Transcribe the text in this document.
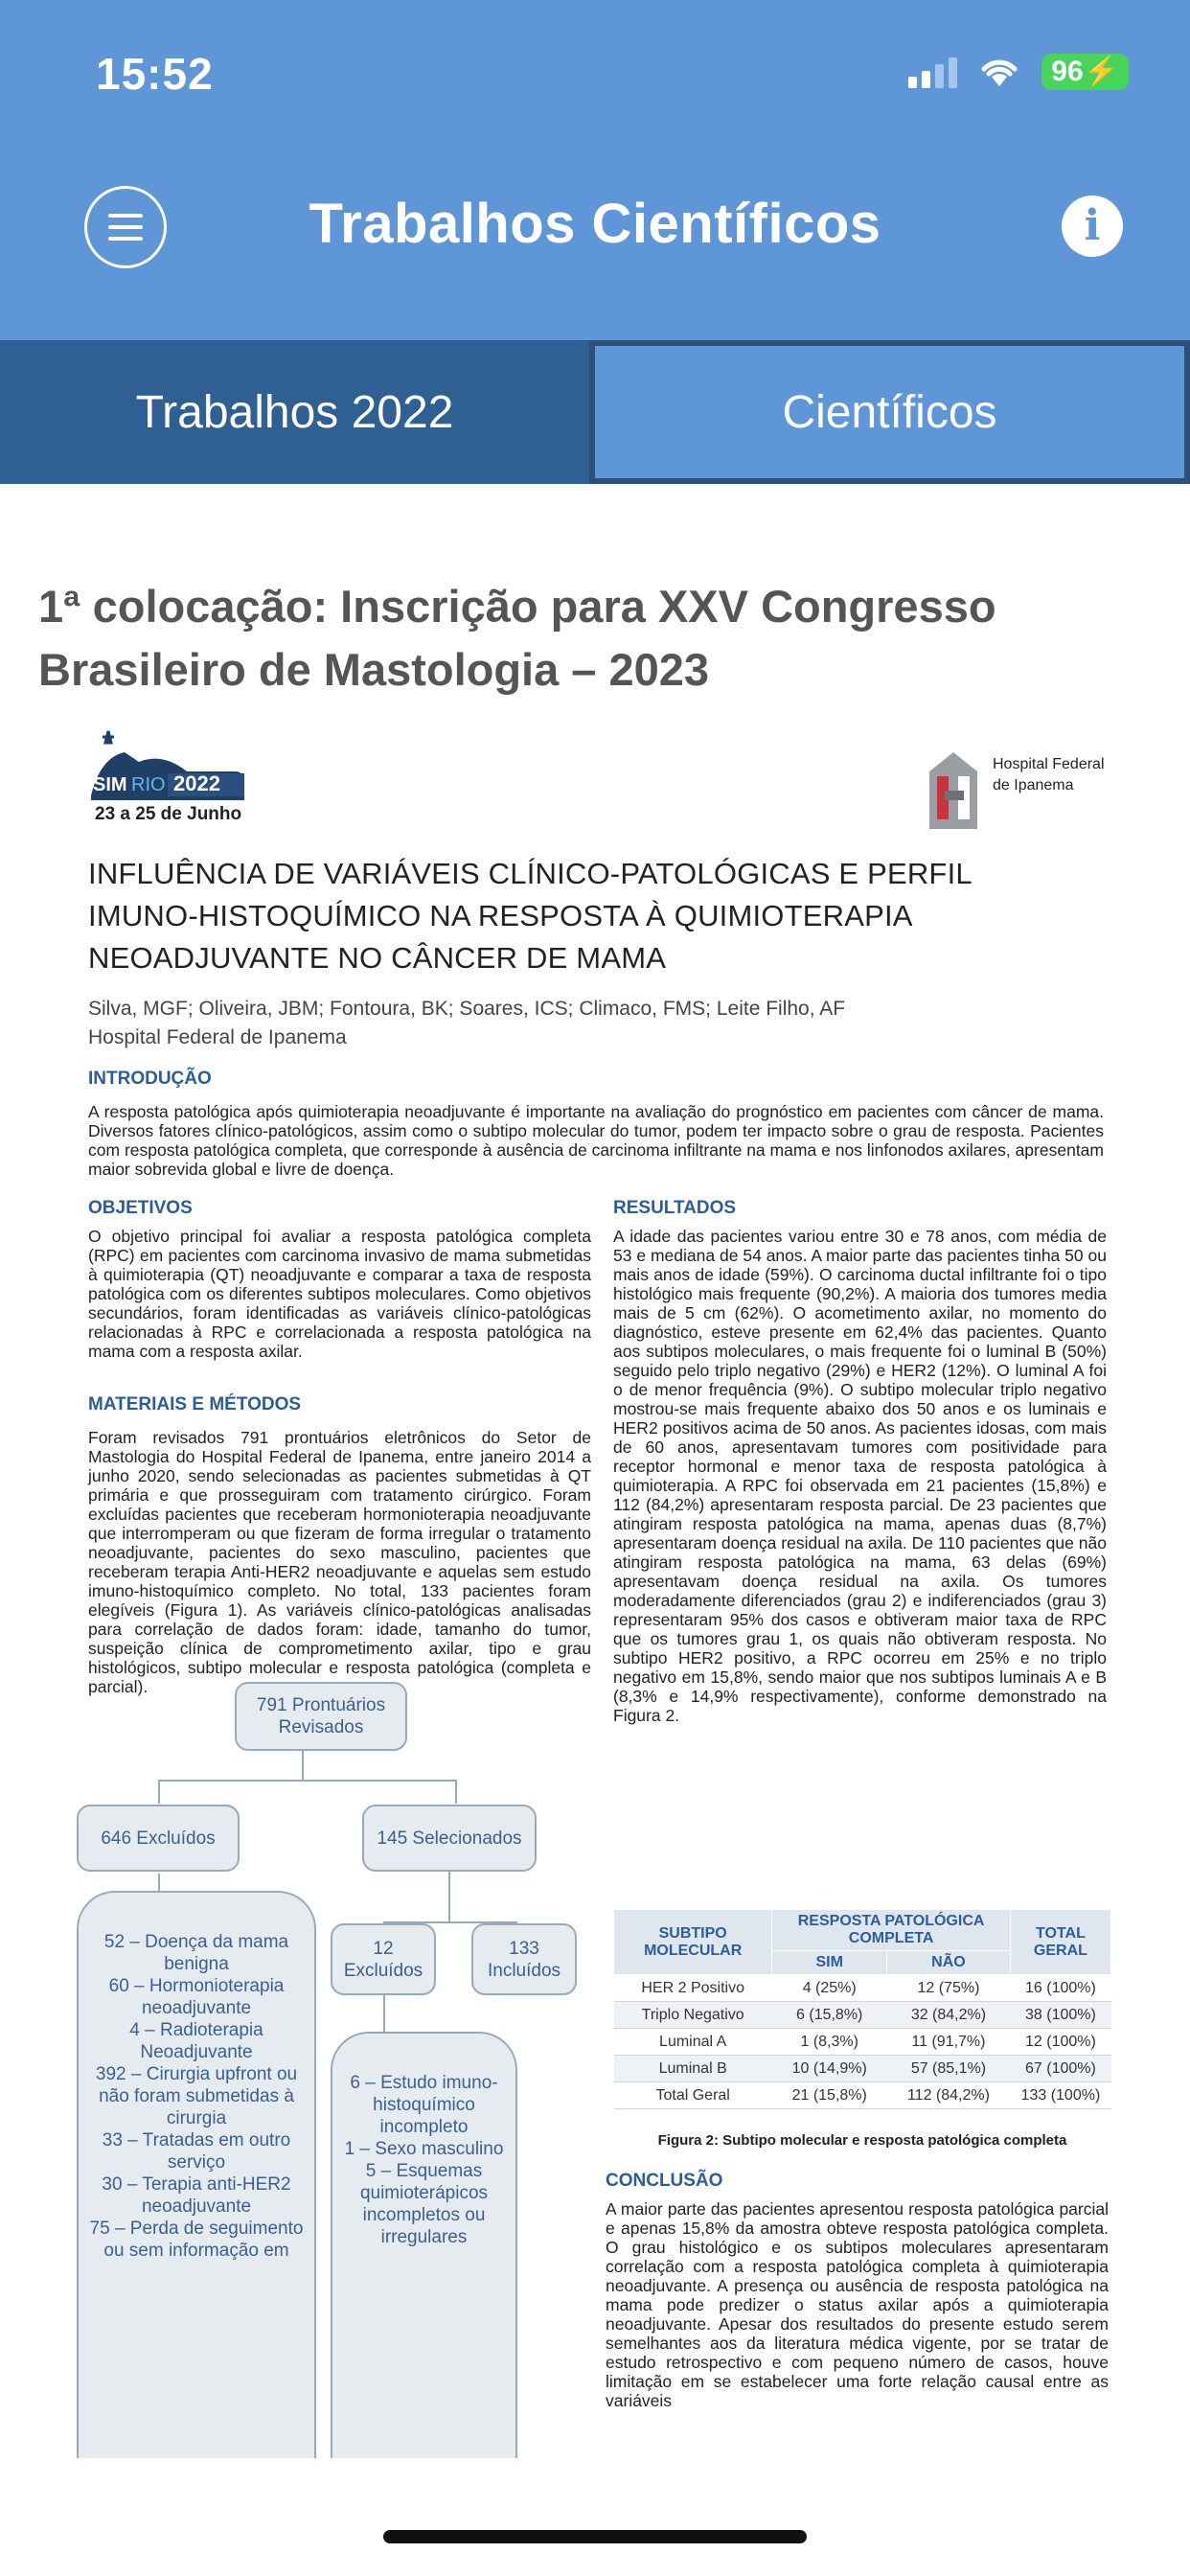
15:52	96⚡
Trabalhos Científicos	i
Trabalhos 2022	Científicos
1ª colocação: Inscrição para XXV Congresso Brasileiro de Mastologia – 2023
SIM RIO 2022
23 a 25 de Junho
Hospital Federal
de Ipanema
INFLUÊNCIA DE VARIÁVEIS CLÍNICO-PATOLÓGICAS E PERFIL IMUNO-HISTOQUÍMICO NA RESPOSTA À QUIMIOTERAPIA NEOADJUVANTE NO CÂNCER DE MAMA
Silva, MGF; Oliveira, JBM; Fontoura, BK; Soares, ICS; Climaco, FMS; Leite Filho, AF
Hospital Federal de Ipanema
INTRODUÇÃO
A resposta patológica após quimioterapia neoadjuvante é importante na avaliação do prognóstico em pacientes com câncer de mama. Diversos fatores clínico-patológicos, assim como o subtipo molecular do tumor, podem ter impacto sobre o grau de resposta. Pacientes com resposta patológica completa, que corresponde à ausência de carcinoma infiltrante na mama e nos linfonodos axilares, apresentam maior sobrevida global e livre de doença.
OBJETIVOS
O objetivo principal foi avaliar a resposta patológica completa (RPC) em pacientes com carcinoma invasivo de mama submetidas à quimioterapia (QT) neoadjuvante e comparar a taxa de resposta patológica com os diferentes subtipos moleculares. Como objetivos secundários, foram identificadas as variáveis clínico-patológicas relacionadas à RPC e correlacionada a resposta patológica na mama com a resposta axilar.
MATERIAIS E MÉTODOS
Foram revisados 791 prontuários eletrônicos do Setor de Mastologia do Hospital Federal de Ipanema, entre janeiro 2014 a junho 2020, sendo selecionadas as pacientes submetidas à QT primária e que prosseguiram com tratamento cirúrgico. Foram excluídas pacientes que receberam hormonioterapia neoadjuvante que interromperam ou que fizeram de forma irregular o tratamento neoadjuvante, pacientes do sexo masculino, pacientes que receberam terapia Anti-HER2 neoadjuvante e aquelas sem estudo imuno-histoquímico completo. No total, 133 pacientes foram elegíveis (Figura 1). As variáveis clínico-patológicas analisadas para correlação de dados foram: idade, tamanho do tumor, suspeição clínica de comprometimento axilar, tipo e grau histológicos, subtipo molecular e resposta patológica (completa e parcial).
RESULTADOS
A idade das pacientes variou entre 30 e 78 anos, com média de 53 e mediana de 54 anos. A maior parte das pacientes tinha 50 ou mais anos de idade (59%). O carcinoma ductal infiltrante foi o tipo histológico mais frequente (90,2%). A maioria dos tumores media mais de 5 cm (62%). O acometimento axilar, no momento do diagnóstico, esteve presente em 62,4% das pacientes. Quanto aos subtipos moleculares, o mais frequente foi o luminal B (50%) seguido pelo triplo negativo (29%) e HER2 (12%). O luminal A foi o de menor frequência (9%). O subtipo molecular triplo negativo mostrou-se mais frequente abaixo dos 50 anos e os luminais e HER2 positivos acima de 50 anos. As pacientes idosas, com mais de 60 anos, apresentavam tumores com positividade para receptor hormonal e menor taxa de resposta patológica à quimioterapia. A RPC foi observada em 21 pacientes (15,8%) e 112 (84,2%) apresentaram resposta parcial. De 23 pacientes que atingiram resposta patológica na mama, apenas duas (8,7%) apresentaram doença residual na axila. De 110 pacientes que não atingiram resposta patológica na mama, 63 delas (69%) apresentavam doença residual na axila. Os tumores moderadamente diferenciados (grau 2) e indiferenciados (grau 3) representaram 95% dos casos e obtiveram maior taxa de RPC que os tumores grau 1, os quais não obtiveram resposta. No subtipo HER2 positivo, a RPC ocorreu em 25% e no triplo negativo em 15,8%, sendo maior que nos subtipos luminais A e B (8,3% e 14,9% respectivamente), conforme demonstrado na Figura 2.
791 Prontuários Revisados
646 Excluídos	145 Selecionados
12 Excluídos
133 Incluídos
52 – Doença da mama benigna
60 – Hormonioterapia neoadjuvante
4 – Radioterapia Neoadjuvante
392 – Cirurgia upfront ou não foram submetidas à cirurgia
33 – Tratadas em outro serviço
30 – Terapia anti-HER2 neoadjuvante
75 – Perda de seguimento ou sem informação em
6 – Estudo imuno-histoquímico incompleto
1 – Sexo masculino
5 – Esquemas quimioterápicos incompletos ou irregulares
SUBTIPO MOLECULAR	RESPOSTA PATOLÓGICA COMPLETA		TOTAL GERAL
	SIM	NÃO	
HER 2 Positivo	4 (25%)	12 (75%)	16 (100%)
Triplo Negativo	6 (15,8%)	32 (84,2%)	38 (100%)
Luminal A	1 (8,3%)	11 (91,7%)	12 (100%)
Luminal B	10 (14,9%)	57 (85,1%)	67 (100%)
Total Geral	21 (15,8%)	112 (84,2%)	133 (100%)
Figura 2: Subtipo molecular e resposta patológica completa
CONCLUSÃO
A maior parte das pacientes apresentou resposta patológica parcial e apenas 15,8% da amostra obteve resposta patológica completa. O grau histológico e os subtipos moleculares apresentaram correlação com a resposta patológica completa à quimioterapia neoadjuvante. A presença ou ausência de resposta patológica na mama pode predizer o status axilar após a quimioterapia neoadjuvante. Apesar dos resultados do presente estudo serem semelhantes aos da literatura médica vigente, por se tratar de estudo retrospectivo e com pequeno número de casos, houve limitação em se estabelecer uma forte relação causal entre as variáveis
